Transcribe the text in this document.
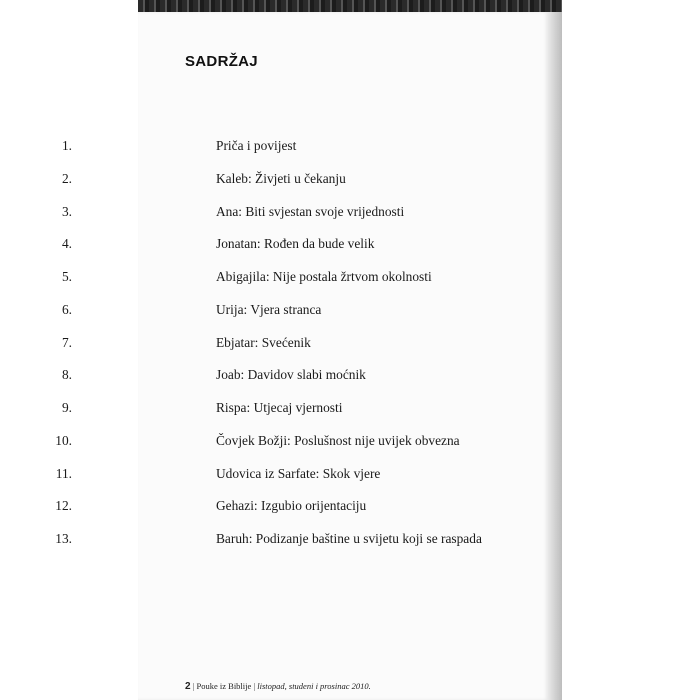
SADRŽAJ
1.	Priča i povijest
2.	Kaleb: Živjeti u čekanju
3.	Ana: Biti svjestan svoje vrijednosti
4.	Jonatan: Rođen da bude velik
5.	Abigajila: Nije postala žrtvom okolnosti
6.	Urija: Vjera stranca
7.	Ebjatar: Svećenik
8.	Joab: Davidov slabi moćnik
9.	Rispa: Utjecaj vjernosti
10.	Čovjek Božji: Poslušnost nije uvijek obvezna
11.	Udovica iz Sarfate: Skok vjere
12.	Gehazi: Izgubio orijentaciju
13.	Baruh: Podizanje baštine u svijetu koji se raspada
2 | Pouke iz Biblije | listopad, studeni i prosinac 2010.
